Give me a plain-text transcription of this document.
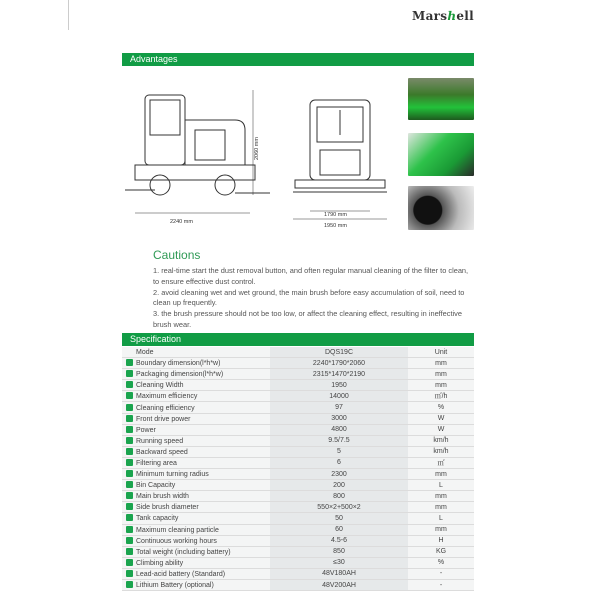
Marsℎell
Advantages
2240 mm
2060 mm
1790 mm
1950 mm
Cautions

1. real-time start the dust removal button, and often regular manual cleaning of the filter to clean, to ensure effective dust control.

2. avoid cleaning wet and wet ground, the main brush before easy accumulation of soil, need to clean up frequently.

3. the brush pressure should not be too low, or affect the cleaning effect, resulting in ineffective brush wear.

Specification
Mode	DQS19C	Unit
Boundary dimension(l*h*w)	2240*1790*2060	mm
Packaging dimension(l*h*w)	2315*1470*2190	mm
Cleaning Width	1950	mm
Maximum efficiency	14000	㎡/h
Cleaning efficiency	97	%
Front drive power	3000	W
Power	4800	W
Running speed	9.5/7.5	km/h
Backward speed	5	km/h
Filtering area	6	㎡
Minimum turning radius	2300	mm
Bin Capacity	200	L
Main brush width	800	mm
Side brush diameter	550×2+500×2	mm
Tank capacity	50	L
Maximum cleaning particle	60	mm
Continuous working hours	4.5-6	H
Total weight (including battery)	850	KG
Climbing ability	≤30	%
Lead-acid battery (Standard)	48V180AH	-
Lithium Battery (optional)	48V200AH	-
